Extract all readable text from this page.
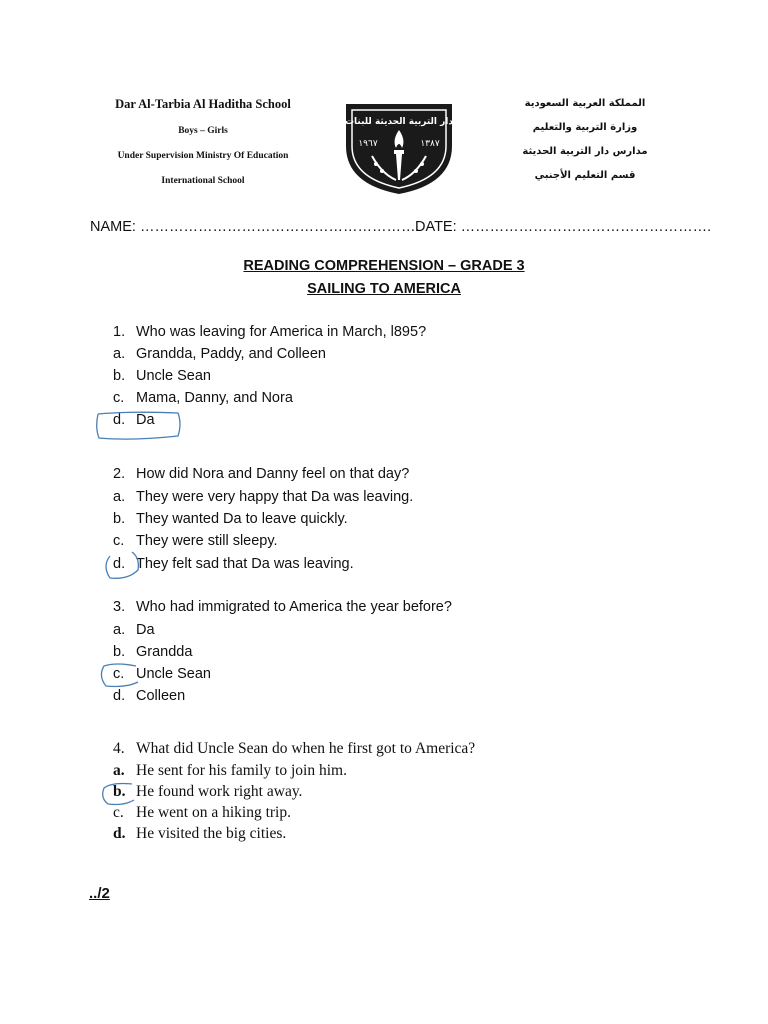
Dar Al-Tarbia Al Haditha School
Boys – Girls
Under Supervision Ministry Of Education
International School
دار التربية الحديثة للبنات
١٩٦٧	١٣٨٧
المملكة العربية السعودية
وزارة التربية والتعليم
مدارس دار التربية الحديثة
قسم التعليم الأجنبي
NAME: ………………………………………………….
DATE: …………………………………………….
READING COMPREHENSION – GRADE 3
SAILING TO AMERICA
1. Who was leaving for America in March, l895?
a. Grandda, Paddy, and Colleen
b. Uncle Sean
c. Mama, Danny, and Nora
d. Da
2. How did Nora and Danny feel on that day?
a. They were very happy that Da was leaving.
b. They wanted Da to leave quickly.
c. They were still sleepy.
d. They felt sad that Da was leaving.
3. Who had immigrated to America the year before?
a. Da
b. Grandda
c. Uncle Sean
d. Colleen
4. What did Uncle Sean do when he first got to America?
a. He sent for his family to join him.
b. He found work right away.
c. He went on a hiking trip.
d. He visited the big cities.
../2
